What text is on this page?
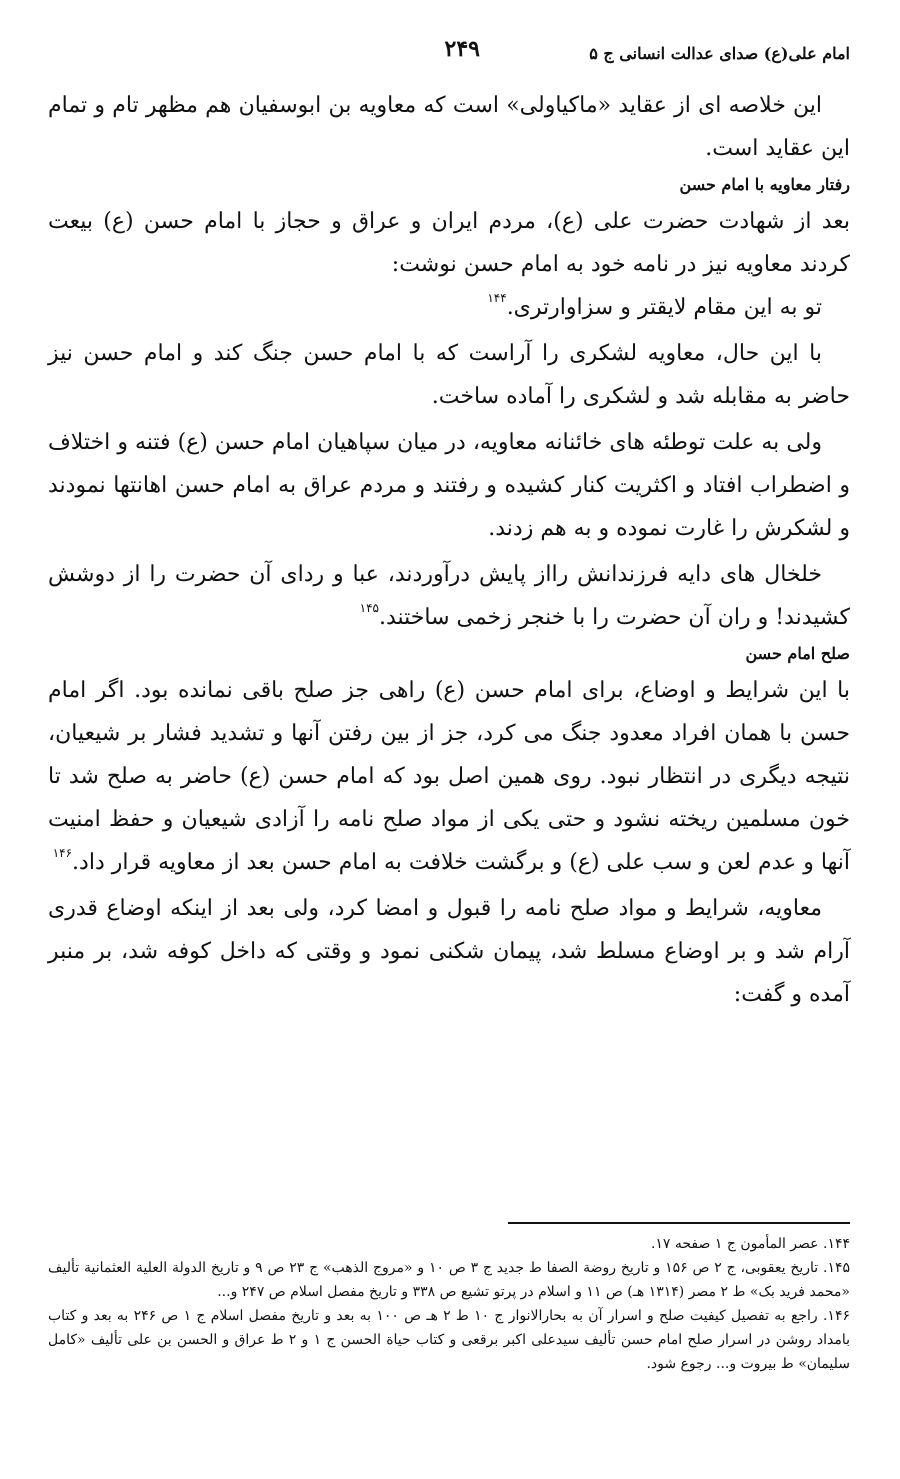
امام علی(ع) صدای عدالت انسانی ج ۵
۲۴۹

این خلاصه ای از عقاید «ماکیاولی» است که معاویه بن ابوسفیان هم مظهر تام و تمام این عقاید است.

رفتار معاویه با امام حسن

بعد از شهادت حضرت علی (ع)، مردم ایران و عراق و حجاز با امام حسن (ع) بیعت کردند معاویه نیز در نامه خود به امام حسن نوشت:

تو به این مقام لایقتر و سزاوارتری.$^{۱۴۴}$

با این حال، معاویه لشکری را آراست که با امام حسن جنگ کند و امام حسن نیز حاضر به مقابله شد و لشکری را آماده ساخت.

ولی به علت توطئه های خائنانه معاویه، در میان سپاهیان امام حسن (ع) فتنه و اختلاف و اضطراب افتاد و اکثریت کنار کشیده و رفتند و مردم عراق به امام حسن اهانتها نمودند و لشکرش را غارت نموده و به هم زدند.

خلخال های دایه فرزندانش رااز پایش درآوردند، عبا و ردای آن حضرت را از دوشش کشیدند! و ران آن حضرت را با خنجر زخمی ساختند.$^{۱۴۵}$

صلح امام حسن

با این شرایط و اوضاع، برای امام حسن (ع) راهی جز صلح باقی نمانده بود. اگر امام حسن با همان افراد معدود جنگ می کرد، جز از بین رفتن آنها و تشدید فشار بر شیعیان، نتیجه دیگری در انتظار نبود. روی همین اصل بود که امام حسن (ع) حاضر به صلح شد تا خون مسلمین ریخته نشود و حتی یکی از مواد صلح نامه را آزادی شیعیان و حفظ امنیت آنها و عدم لعن و سب علی (ع) و برگشت خلافت به امام حسن بعد از معاویه قرار داد.$^{۱۴۶}$

معاویه، شرایط و مواد صلح نامه را قبول و امضا کرد، ولی بعد از اینکه اوضاع قدری آرام شد و بر اوضاع مسلط شد، پیمان شکنی نمود و وقتی که داخل کوفه شد، بر منبر آمده و گفت:

۱۴۴. عصر المأمون ج ۱ صفحه ۱۷.

۱۴۵. تاریخ یعقوبی، ج ۲ ص ۱۵۶ و تاریخ روضة الصفا ط جدید ج ۳ ص ۱۰ و «مروج الذهب» ج ۲۳ ص ۹ و تاریخ الدولة العلیة العثمانیة تألیف «محمد فرید بک» ط ۲ مصر (۱۳۱۴ هـ) ص ۱۱ و اسلام در پرتو تشیع ص ۳۳۸ و تاریخ مفصل اسلام ص ۲۴۷ و...

۱۴۶. راجع به تفصیل کیفیت صلح و اسرار آن به بحارالانوار ج ۱۰ ط ۲ هـ ص ۱۰۰ به بعد و تاریخ مفصل اسلام ج ۱ ص ۲۴۶ به بعد و کتاب بامداد روشن در اسرار صلح امام حسن تألیف سیدعلی اکبر برقعی و کتاب حیاة الحسن ج ۱ و ۲ ط عراق و الحسن بن علی تألیف «کامل سلیمان» ط بیروت و... رجوع شود.
